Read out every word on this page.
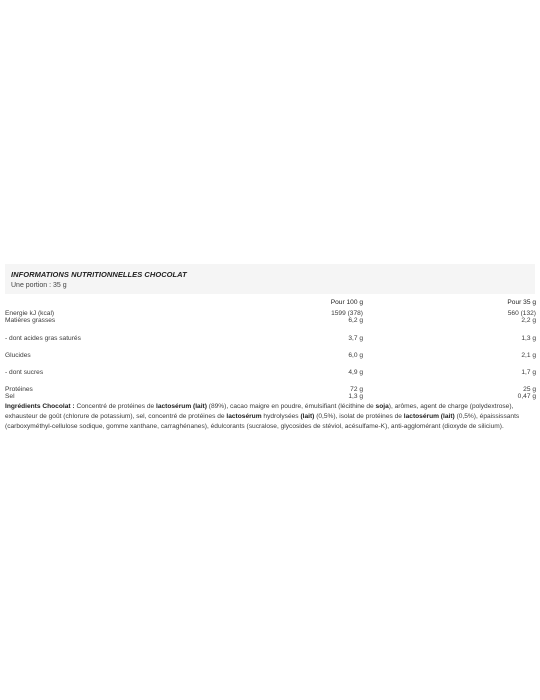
INFORMATIONS NUTRITIONNELLES CHOCOLAT
Une portion : 35 g
	Pour 100 g	Pour 35 g
Energie kJ (kcal)	1599 (378)	560 (132)
Matières grasses	6,2 g	2,2 g
- dont acides gras saturés	3,7 g	1,3 g
Glucides	6,0 g	2,1 g
- dont sucres	4,9 g	1,7 g
Protéines	72 g	25 g
Sel	1,3 g	0,47 g
Ingrédients Chocolat : Concentré de protéines de lactosérum (lait) (89%), cacao maigre en poudre, émulsifiant (lécithine de soja), arômes, agent de charge (polydextrose), exhausteur de goût (chlorure de potassium), sel, concentré de protéines de lactosérum hydrolysées (lait) (0,5%), isolat de protéines de lactosérum (lait) (0,5%), épaississants (carboxyméthyl-cellulose sodique, gomme xanthane, carraghénanes), édulcorants (sucralose, glycosides de stéviol, acésulfame-K), anti-agglomérant (dioxyde de silicium).
